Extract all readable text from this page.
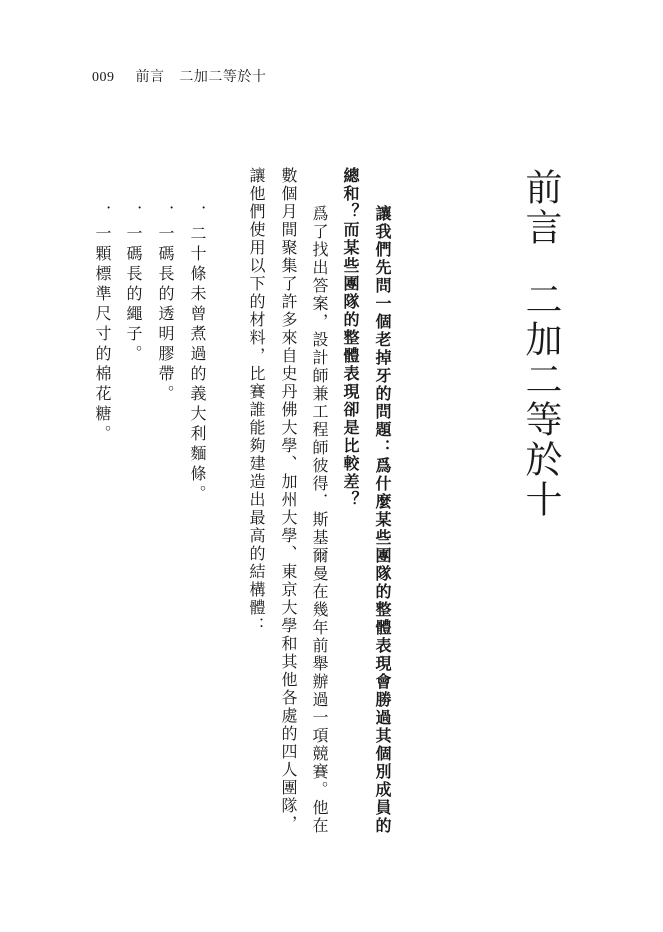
009 前言 二加二等於十
前言二加二等於十
讓我們先問一個老掉牙的問題：爲什麼某些團隊的整體表現會勝過其個別成員的
總和？而某些團隊的整體表現卻是比較差？
爲了找出答案，設計師兼工程師彼得．斯基爾曼在幾年前舉辦過一項競賽。他在
數個月間聚集了許多來自史丹佛大學、加州大學、東京大學和其他各處的四人團隊，
讓他們使用以下的材料，比賽誰能夠建造出最高的結構體：
．二十條未曾煮過的義大利麵條。
．一碼長的透明膠帶。
．一碼長的繩子。
．一顆標準尺寸的棉花糖。
